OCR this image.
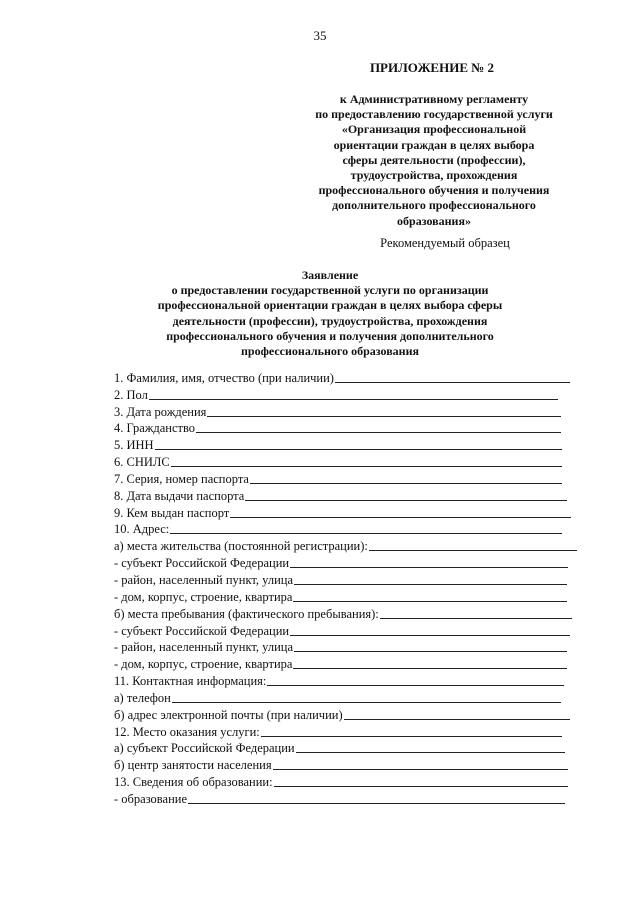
35
ПРИЛОЖЕНИЕ № 2
к Административному регламенту
по предоставлению государственной услуги
«Организация профессиональной
ориентации граждан в целях выбора
сферы деятельности (профессии),
трудоустройства, прохождения
профессионального обучения и получения
дополнительного профессионального
образования»
Рекомендуемый образец
Заявление
о предоставлении государственной услуги по организации
профессиональной ориентации граждан в целях выбора сферы
деятельности (профессии), трудоустройства, прохождения
профессионального обучения и получения дополнительного
профессионального образования
1. Фамилия, имя, отчество (при наличии)
2. Пол
3. Дата рождения
4. Гражданство
5. ИНН
6. СНИЛС
7. Серия, номер паспорта
8. Дата выдачи паспорта
9. Кем выдан паспорт
10. Адрес:
а) места жительства (постоянной регистрации):
- субъект Российской Федерации
- район, населенный пункт, улица
- дом, корпус, строение, квартира
б) места пребывания (фактического пребывания):
- субъект Российской Федерации
- район, населенный пункт, улица
- дом, корпус, строение, квартира
11. Контактная информация:
а) телефон
б) адрес электронной почты (при наличии)
12. Место оказания услуги:
а) субъект Российской Федерации
б) центр занятости населения
13. Сведения об образовании:
- образование
